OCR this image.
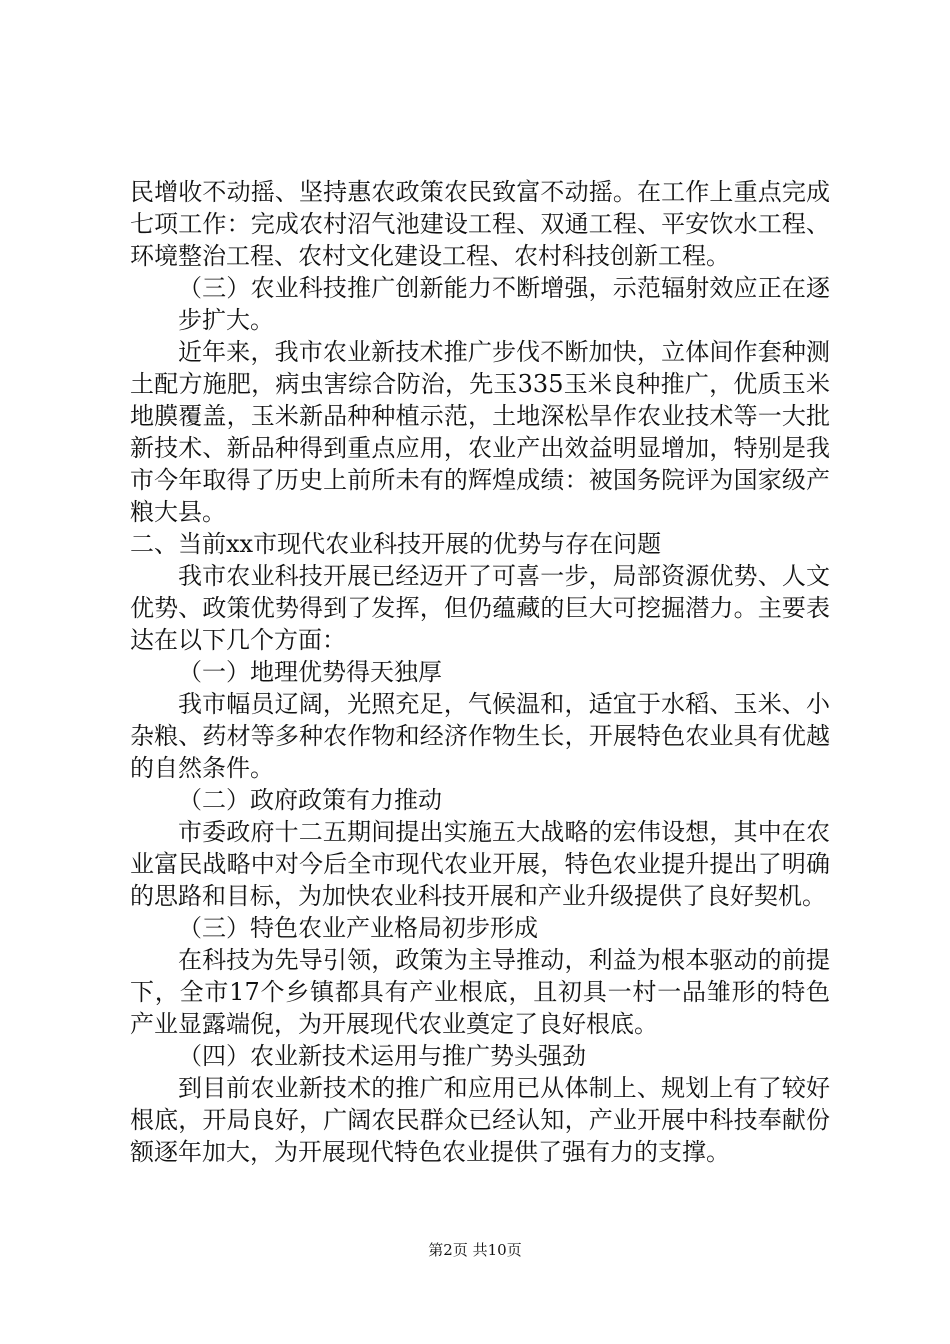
民增收不动摇、坚持惠农政策农民致富不动摇。在工作上重点完成七项工作：完成农村沼气池建设工程、双通工程、平安饮水工程、环境整治工程、农村文化建设工程、农村科技创新工程。

（三）农业科技推广创新能力不断增强，示范辐射效应正在逐步扩大。

近年来，我市农业新技术推广步伐不断加快，立体间作套种测土配方施肥，病虫害综合防治，先玉335玉米良种推广，优质玉米地膜覆盖，玉米新品种种植示范，土地深松旱作农业技术等一大批新技术、新品种得到重点应用，农业产出效益明显增加，特别是我市今年取得了历史上前所未有的辉煌成绩：被国务院评为国家级产粮大县。

二、当前xx市现代农业科技开展的优势与存在问题

我市农业科技开展已经迈开了可喜一步，局部资源优势、人文优势、政策优势得到了发挥，但仍蕴藏的巨大可挖掘潜力。主要表达在以下几个方面：

（一）地理优势得天独厚

我市幅员辽阔，光照充足，气候温和，适宜于水稻、玉米、小杂粮、药材等多种农作物和经济作物生长，开展特色农业具有优越的自然条件。

（二）政府政策有力推动

市委政府十二五期间提出实施五大战略的宏伟设想，其中在农业富民战略中对今后全市现代农业开展，特色农业提升提出了明确的思路和目标，为加快农业科技开展和产业升级提供了良好契机。

（三）特色农业产业格局初步形成

在科技为先导引领，政策为主导推动，利益为根本驱动的前提下，全市17个乡镇都具有产业根底，且初具一村一品雏形的特色产业显露端倪，为开展现代农业奠定了良好根底。

（四）农业新技术运用与推广势头强劲

到目前农业新技术的推广和应用已从体制上、规划上有了较好根底，开局良好，广阔农民群众已经认知，产业开展中科技奉献份额逐年加大，为开展现代特色农业提供了强有力的支撑。

第2页 共10页
